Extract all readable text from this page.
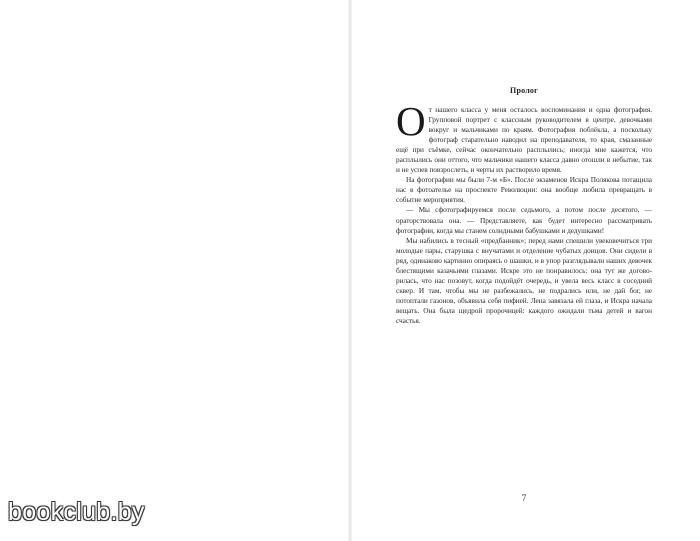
Пролог

От нашего класса у меня осталось воспоминания и одна фотография. Групповой портрет с классным руководителем в центре, девочками вокруг и мальчиками по краям. Фотография поблёкла, а поскольку фотограф старательно наводил на преподавателя, то края, смазанные ещё при съёмке, сейчас окончательно расплылись; иногда мне кажется, что расплылись они оттого, что мальчики нашего класса давно отошли в небытие, так и не успев повзрослеть, и черты их растворило время.

На фотографии мы были 7-м «Б». После экзаменов Искра Полякова потащила нас в фотоателье на проспекте Революции: она вообще любила превращать в событие мероприятия.

— Мы сфотографируемся после седьмого, а потом после десятого, — ораторствовала она. — Представляете, как будет интересно рассматривать фотографии, когда мы станем солидными бабушками и дедушками!

Мы набились в тесный «предбанник»; перед нами спешили увековечиться три молодые пары, старушка с внучатами и отделение чубатых донцов. Они сидели в ряд, одинаково картинно опираясь о шашки, и в упор разглядывали наших девочек блестящими казачьими глазами. Искре это не понравилось: она тут же догово-рилась, что нас позовут, когда подойдёт очередь, и увела весь класс в соседний сквер. И там, чтобы мы не разбежались, не подрались или, не дай бог, не потоптали газонов, объявила себя пифией. Лена завязала ей глаза, и Искра начала вещать. Она была щедрой пророчицей: каждого ожидали тьма детей и вагон счастья.

7
bookclub.by
